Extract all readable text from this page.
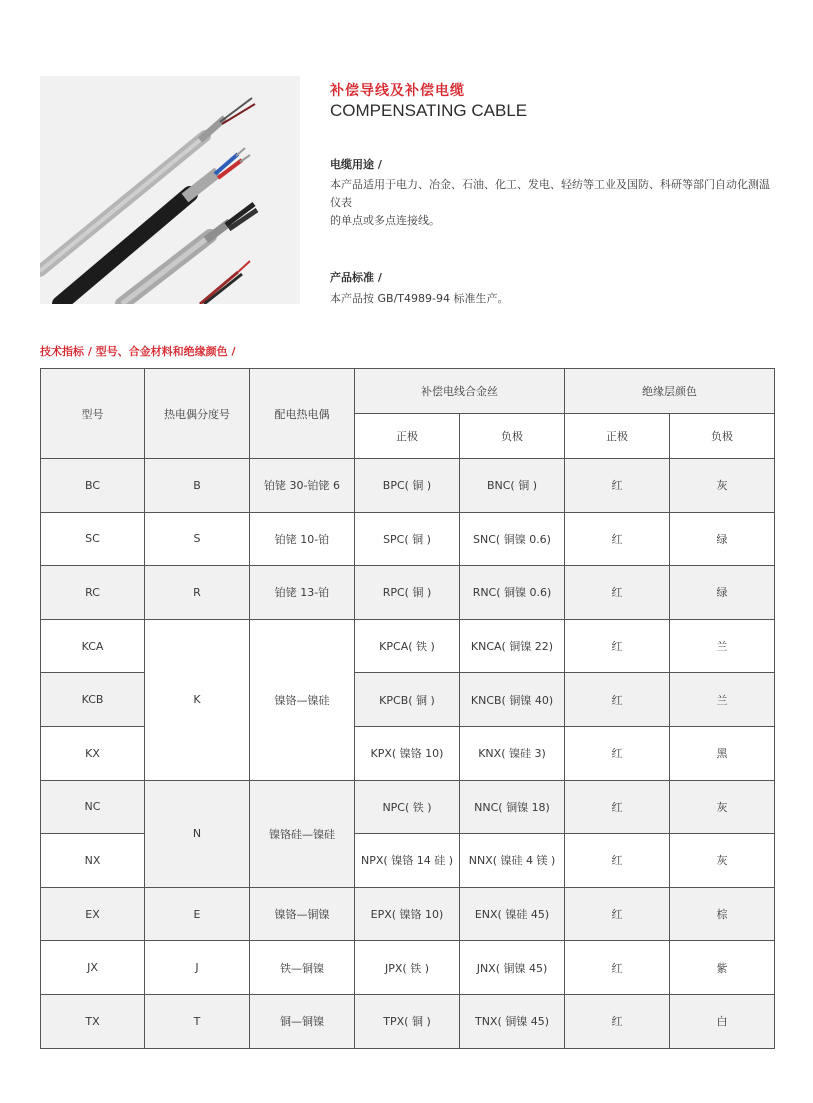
补偿导线及补偿电缆
COMPENSATING CABLE
电缆用途 /
本产品适用于电力、冶金、石油、化工、发电、轻纺等工业及国防、科研等部门自动化测温仪表
的单点或多点连接线。
产品标准 /
本产品按 GB/T4989-94 标准生产。
技术指标 / 型号、合金材料和绝缘颜色 /
型号	热电偶分度号	配电热电偶	补偿电线合金丝		绝缘层颜色	
			正极	负极	正极	负极
BC	B	铂铑 30-铂铑 6	BPC( 铜 )	BNC( 铜 )	红	灰
SC	S	铂铑 10-铂	SPC( 铜 )	SNC( 铜镍 0.6)	红	绿
RC	R	铂铑 13-铂	RPC( 铜 )	RNC( 铜镍 0.6)	红	绿
KCA	K	镍铬—镍硅	KPCA( 铁 )	KNCA( 铜镍 22)	红	兰
KCB			KPCB( 铜 )	KNCB( 铜镍 40)	红	兰
KX			KPX( 镍铬 10)	KNX( 镍硅 3)	红	黑
NC	N	镍铬硅—镍硅	NPC( 铁 )	NNC( 铜镍 18)	红	灰
NX			NPX( 镍铬 14 硅 )	NNX( 镍硅 4 镁 )	红	灰
EX	E	镍铬—铜镍	EPX( 镍铬 10)	ENX( 镍硅 45)	红	棕
JX	J	铁—铜镍	JPX( 铁 )	JNX( 铜镍 45)	红	紫
TX	T	铜—铜镍	TPX( 铜 )	TNX( 铜镍 45)	红	白
